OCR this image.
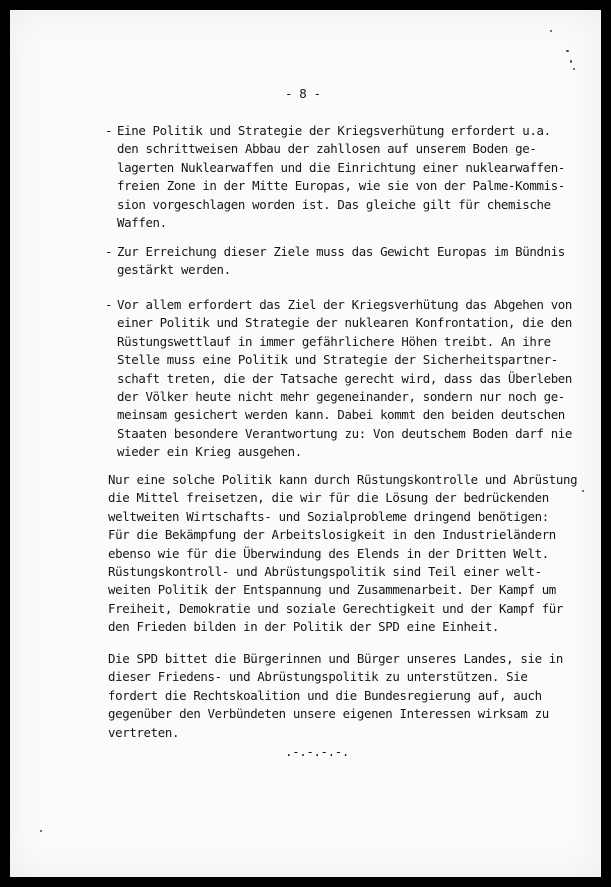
- 8 -
- Eine Politik und Strategie der Kriegsverhütung erfordert u.a.
den schrittweisen Abbau der zahllosen auf unserem Boden ge-
lagerten Nuklearwaffen und die Einrichtung einer nuklearwaffen-
freien Zone in der Mitte Europas, wie sie von der Palme-Kommis-
sion vorgeschlagen worden ist. Das gleiche gilt für chemische
Waffen.
- Zur Erreichung dieser Ziele muss das Gewicht Europas im Bündnis
gestärkt werden.
- Vor allem erfordert das Ziel der Kriegsverhütung das Abgehen von
einer Politik und Strategie der nuklearen Konfrontation, die den
Rüstungswettlauf in immer gefährlichere Höhen treibt. An ihre
Stelle muss eine Politik und Strategie der Sicherheitspartner-
schaft treten, die der Tatsache gerecht wird, dass das Überleben
der Völker heute nicht mehr gegeneinander, sondern nur noch ge-
meinsam gesichert werden kann. Dabei kommt den beiden deutschen
Staaten besondere Verantwortung zu: Von deutschem Boden darf nie
wieder ein Krieg ausgehen.
Nur eine solche Politik kann durch Rüstungskontrolle und Abrüstung
die Mittel freisetzen, die wir für die Lösung der bedrückenden
weltweiten Wirtschafts- und Sozialprobleme dringend benötigen:
Für die Bekämpfung der Arbeitslosigkeit in den Industrieländern
ebenso wie für die Überwindung des Elends in der Dritten Welt.
Rüstungskontroll- und Abrüstungspolitik sind Teil einer welt-
weiten Politik der Entspannung und Zusammenarbeit. Der Kampf um
Freiheit, Demokratie und soziale Gerechtigkeit und der Kampf für
den Frieden bilden in der Politik der SPD eine Einheit.
Die SPD bittet die Bürgerinnen und Bürger unseres Landes, sie in
dieser Friedens- und Abrüstungspolitik zu unterstützen. Sie
fordert die Rechtskoalition und die Bundesregierung auf, auch
gegenüber den Verbündeten unsere eigenen Interessen wirksam zu
vertreten.
.-.-.-.-.
